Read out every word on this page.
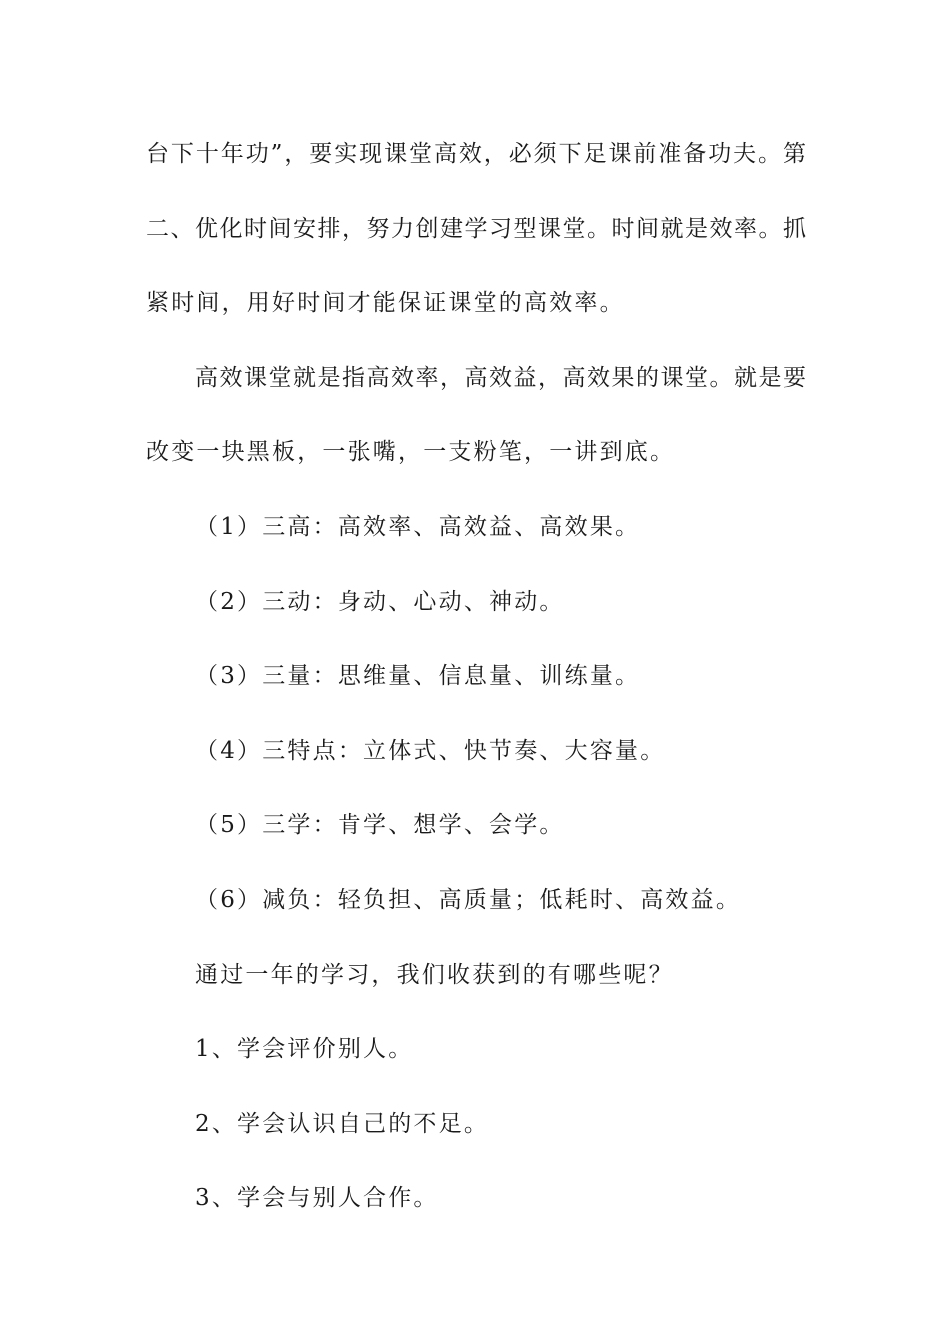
台下十年功”，要实现课堂高效，必须下足课前准备功夫。第
二、优化时间安排，努力创建学习型课堂。时间就是效率。抓
紧时间，用好时间才能保证课堂的高效率。
高效课堂就是指高效率，高效益，高效果的课堂。就是要
改变一块黑板，一张嘴，一支粉笔，一讲到底。
（1）三高：高效率、高效益、高效果。
（2）三动：身动、心动、神动。
（3）三量：思维量、信息量、训练量。
（4）三特点：立体式、快节奏、大容量。
（5）三学：肯学、想学、会学。
（6）减负：轻负担、高质量；低耗时、高效益。
通过一年的学习，我们收获到的有哪些呢？
1、学会评价别人。
2、学会认识自己的不足。
3、学会与别人合作。
